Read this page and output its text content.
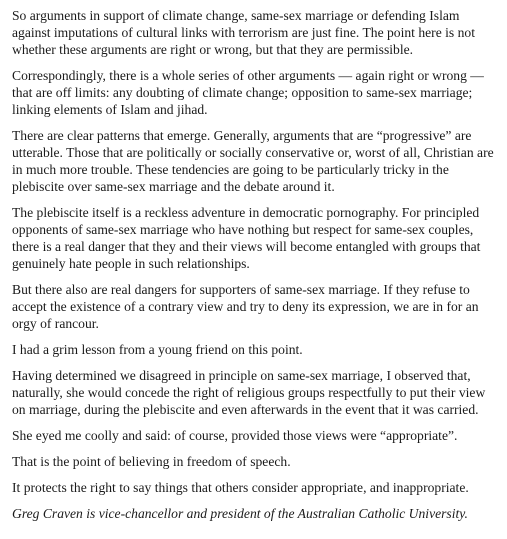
So arguments in support of climate change, same-sex marriage or defending Islam against imputations of cultural links with terrorism are just fine. The point here is not whether these arguments are right or wrong, but that they are permissible.

Correspondingly, there is a whole series of other arguments — again right or wrong — that are off limits: any doubting of climate change; opposition to same-sex marriage; linking elements of Islam and jihad.

There are clear patterns that emerge. Generally, arguments that are “progressive” are utterable. Those that are politically or socially conservative or, worst of all, Christian are in much more trouble. These tendencies are going to be particularly tricky in the plebiscite over same-sex marriage and the debate around it.

The plebiscite itself is a reckless adventure in democratic pornography. For principled opponents of same-sex marriage who have nothing but respect for same-sex couples, there is a real danger that they and their views will become entangled with groups that genuinely hate people in such relationships.

But there also are real dangers for supporters of same-sex marriage. If they refuse to accept the existence of a contrary view and try to deny its expression, we are in for an orgy of rancour.

I had a grim lesson from a young friend on this point.

Having determined we disagreed in principle on same-sex marriage, I observed that, naturally, she would concede the right of religious groups respectfully to put their view on marriage, during the plebiscite and even afterwards in the event that it was carried.

She eyed me coolly and said: of course, provided those views were “appropriate”.

That is the point of believing in freedom of speech.

It protects the right to say things that others consider appropriate, and inappropriate.

Greg Craven is vice-chancellor and president of the Australian Catholic University.
